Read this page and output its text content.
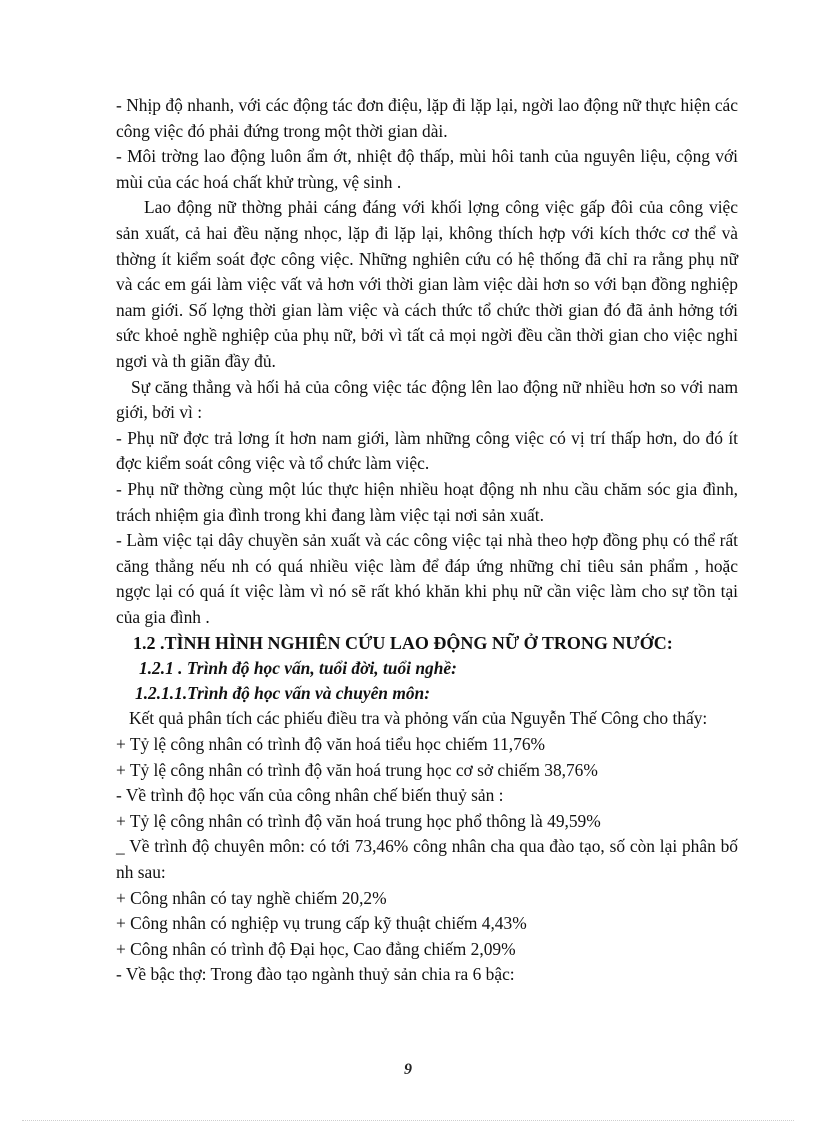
- Nhịp độ nhanh, với các động tác đơn điệu, lặp đi lặp lại, ngời lao động nữ thực hiện các công việc đó phải đứng trong một thời gian dài.

- Môi trờng lao động luôn ẩm ớt, nhiệt độ thấp, mùi hôi tanh của nguyên liệu, cộng với mùi của các hoá chất khử trùng, vệ sinh .

Lao động nữ thờng phải cáng đáng với khối lợng công việc gấp đôi của công việc sản xuất, cả hai đều nặng nhọc, lặp đi lặp lại, không thích hợp với kích thớc cơ thể và thờng ít kiểm soát đợc công việc. Những nghiên cứu có hệ thống đã chỉ ra rằng phụ nữ và các em gái làm việc vất vả hơn với thời gian làm việc dài hơn so với bạn đồng nghiệp nam giới. Số lợng thời gian làm việc và cách thức tổ chức thời gian đó đã ảnh hởng tới sức khoẻ nghề nghiệp của phụ nữ, bởi vì tất cả mọi ngời đều cần thời gian cho việc nghỉ ngơi và th giãn đầy đủ.

Sự căng thẳng và hối hả của công việc tác động lên lao động nữ nhiều hơn so với nam giới, bởi vì :

- Phụ nữ đợc trả lơng ít hơn nam giới, làm những công việc có vị trí thấp hơn, do đó ít đợc kiểm soát công việc và tổ chức làm việc.

- Phụ nữ thờng cùng một lúc thực hiện nhiều hoạt động nh nhu cầu chăm sóc gia đình, trách nhiệm gia đình trong khi đang làm việc tại nơi sản xuất.

- Làm việc tại dây chuyền sản xuất và các công việc tại nhà theo hợp đồng phụ có thể rất căng thẳng nếu nh có quá nhiều việc làm để đáp ứng những chỉ tiêu sản phẩm , hoặc ngợc lại có quá ít việc làm vì nó sẽ rất khó khăn khi phụ nữ cần việc làm cho sự tồn tại của gia đình .

1.2 .TÌNH HÌNH NGHIÊN CỨU LAO ĐỘNG NỮ Ở TRONG NƯỚC:

1.2.1 . Trình độ học vấn, tuổi đời, tuổi nghề:

1.2.1.1.Trình độ học vấn và chuyên môn:

Kết quả phân tích các phiếu điều tra và phỏng vấn của Nguyễn Thế Công cho thấy:

+ Tỷ lệ công nhân có trình độ văn hoá tiểu học chiếm 11,76%

+ Tỷ lệ công nhân có trình độ văn hoá trung học cơ sở chiếm 38,76%

- Về trình độ học vấn của công nhân chế biến thuỷ sản :

+ Tỷ lệ công nhân có trình độ văn hoá trung học phổ thông là 49,59%

_ Về trình độ chuyên môn: có tới 73,46% công nhân cha qua đào tạo, số còn lại phân bố nh sau:

+ Công nhân có tay nghề chiếm 20,2%

+ Công nhân có nghiệp vụ trung cấp kỹ thuật chiếm 4,43%

+ Công nhân có trình độ Đại học, Cao đẳng chiếm 2,09%

- Về bậc thợ: Trong đào tạo ngành thuỷ sản chia ra 6 bậc:

9
